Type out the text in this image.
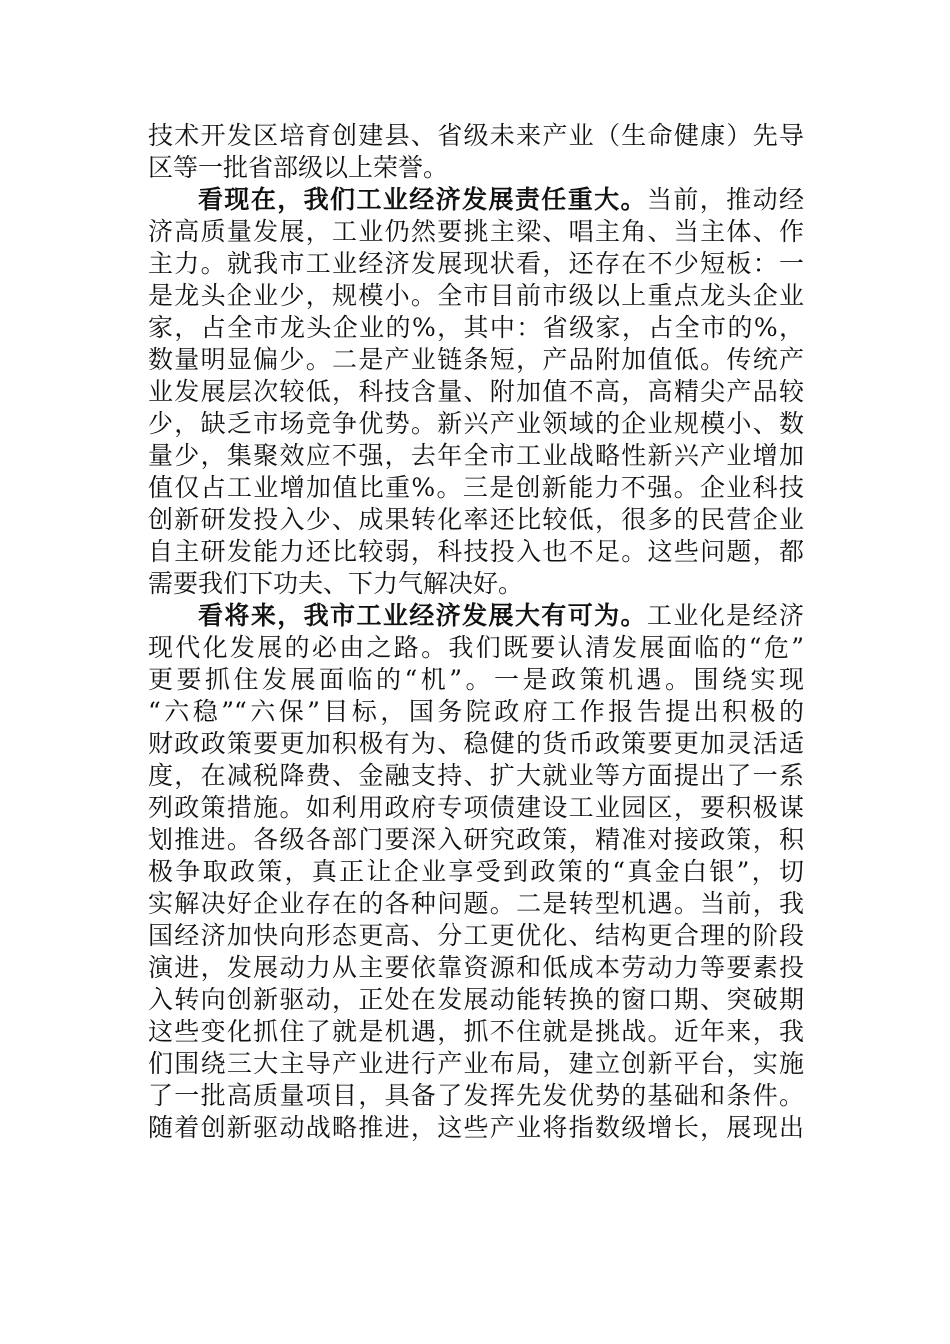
技术开发区培育创建县、省级未来产业（生命健康）先导
区等一批省部级以上荣誉。
看现在，我们工业经济发展责任重大。当前，推动经
济高质量发展，工业仍然要挑主梁、唱主角、当主体、作
主力。就我市工业经济发展现状看，还存在不少短板：一
是龙头企业少，规模小。全市目前市级以上重点龙头企业
家，占全市龙头企业的%，其中：省级家，占全市的%，
数量明显偏少。二是产业链条短，产品附加值低。传统产
业发展层次较低，科技含量、附加值不高，高精尖产品较
少，缺乏市场竞争优势。新兴产业领域的企业规模小、数
量少，集聚效应不强，去年全市工业战略性新兴产业增加
值仅占工业增加值比重%。三是创新能力不强。企业科技
创新研发投入少、成果转化率还比较低，很多的民营企业
自主研发能力还比较弱，科技投入也不足。这些问题，都
需要我们下功夫、下力气解决好。
看将来，我市工业经济发展大有可为。工业化是经济
现代化发展的必由之路。我们既要认清发展面临的“危”
更要抓住发展面临的“机”。一是政策机遇。围绕实现
“六稳”“六保”目标，国务院政府工作报告提出积极的
财政政策要更加积极有为、稳健的货币政策要更加灵活适
度，在减税降费、金融支持、扩大就业等方面提出了一系
列政策措施。如利用政府专项债建设工业园区，要积极谋
划推进。各级各部门要深入研究政策，精准对接政策，积
极争取政策，真正让企业享受到政策的“真金白银”，切
实解决好企业存在的各种问题。二是转型机遇。当前，我
国经济加快向形态更高、分工更优化、结构更合理的阶段
演进，发展动力从主要依靠资源和低成本劳动力等要素投
入转向创新驱动，正处在发展动能转换的窗口期、突破期
这些变化抓住了就是机遇，抓不住就是挑战。近年来，我
们围绕三大主导产业进行产业布局，建立创新平台，实施
了一批高质量项目，具备了发挥先发优势的基础和条件。
随着创新驱动战略推进，这些产业将指数级增长，展现出
